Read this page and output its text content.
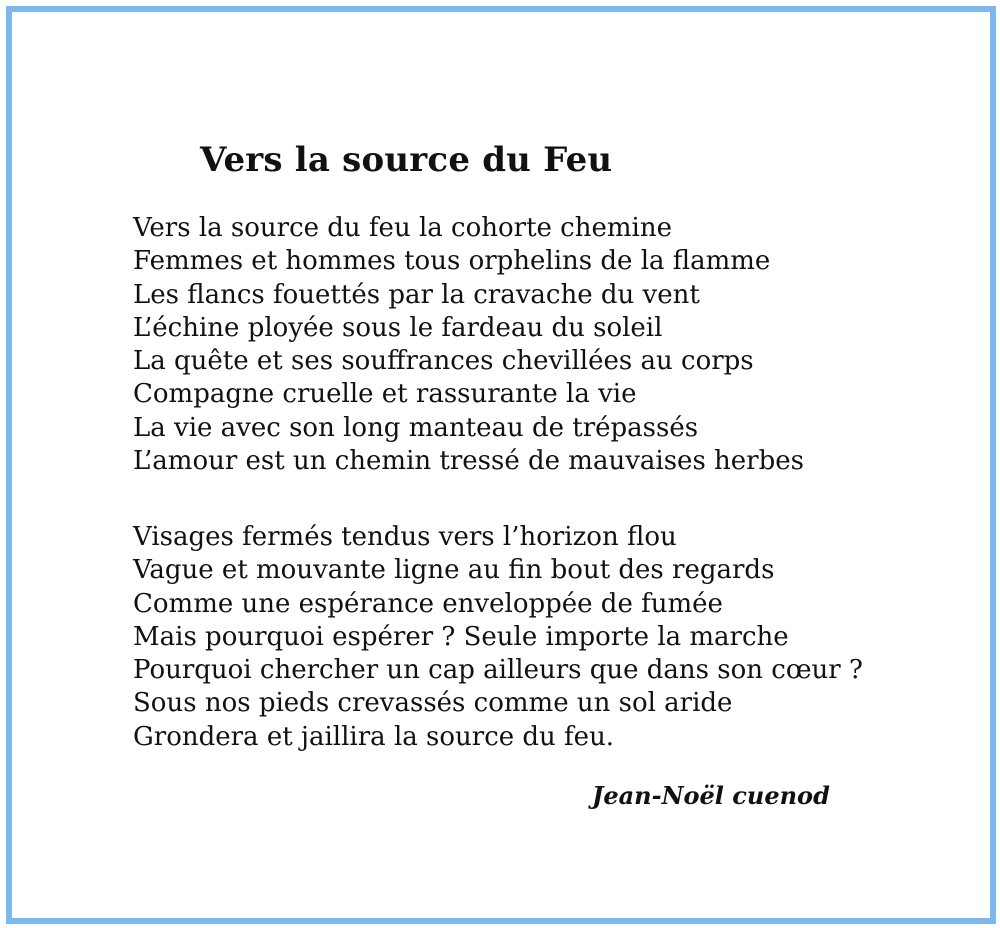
Vers la source du Feu
Vers la source du feu la cohorte chemine
Femmes et hommes tous orphelins de la flamme
Les flancs fouettés par la cravache du vent
L’échine ployée sous le fardeau du soleil
La quête et ses souffrances chevillées au corps
Compagne cruelle et rassurante la vie
La vie avec son long manteau de trépassés
L’amour est un chemin tressé de mauvaises herbes
Visages fermés tendus vers l’horizon flou
Vague et mouvante ligne au fin bout des regards
Comme une espérance enveloppée de fumée
Mais pourquoi espérer ? Seule importe la marche
Pourquoi chercher un cap ailleurs que dans son cœur ?
Sous nos pieds crevassés comme un sol aride
Grondera et jaillira la source du feu.

Jean-Noël cuenod
